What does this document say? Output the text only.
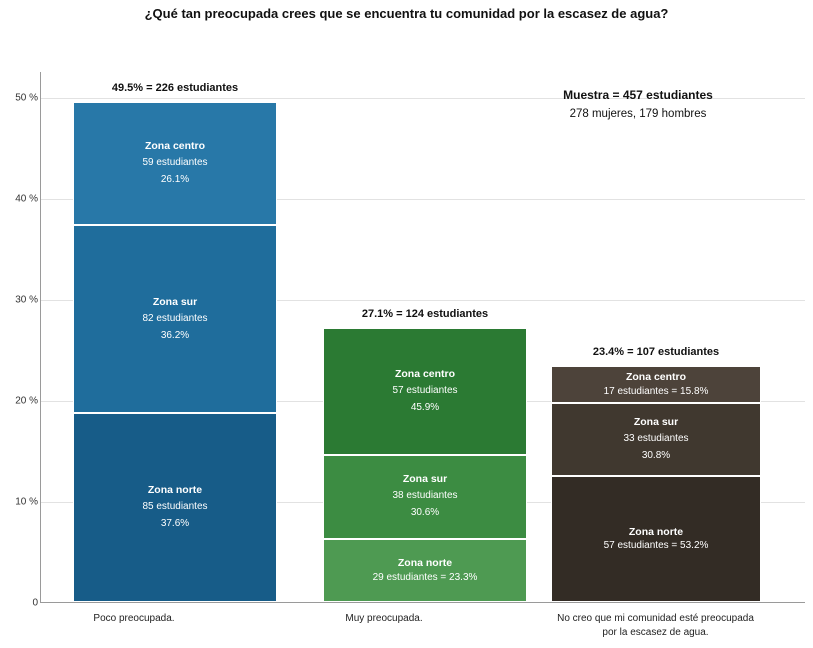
¿Qué tan preocupada crees que se encuentra tu comunidad por la escasez de agua?
0
10 %
20 %
30 %
40 %
50 %	Muestra = 457 estudiantes
278 mujeres, 179 hombres
49.5% = 226 estudiantes
Zona centro
59 estudiantes
26.1%
Zona sur
82 estudiantes
36.2%
Zona norte
85 estudiantes
37.6%
27.1% = 124 estudiantes
Zona centro
57 estudiantes
45.9%
Zona sur
38 estudiantes
30.6%
Zona norte
29 estudiantes = 23.3%
23.4% = 107 estudiantes
Zona centro
17 estudiantes = 15.8%
Zona sur
33 estudiantes
30.8%
Zona norte
57 estudiantes = 53.2%
Poco preocupada.	Muy preocupada.	No creo que mi comunidad esté preocupada
por la escasez de agua.
